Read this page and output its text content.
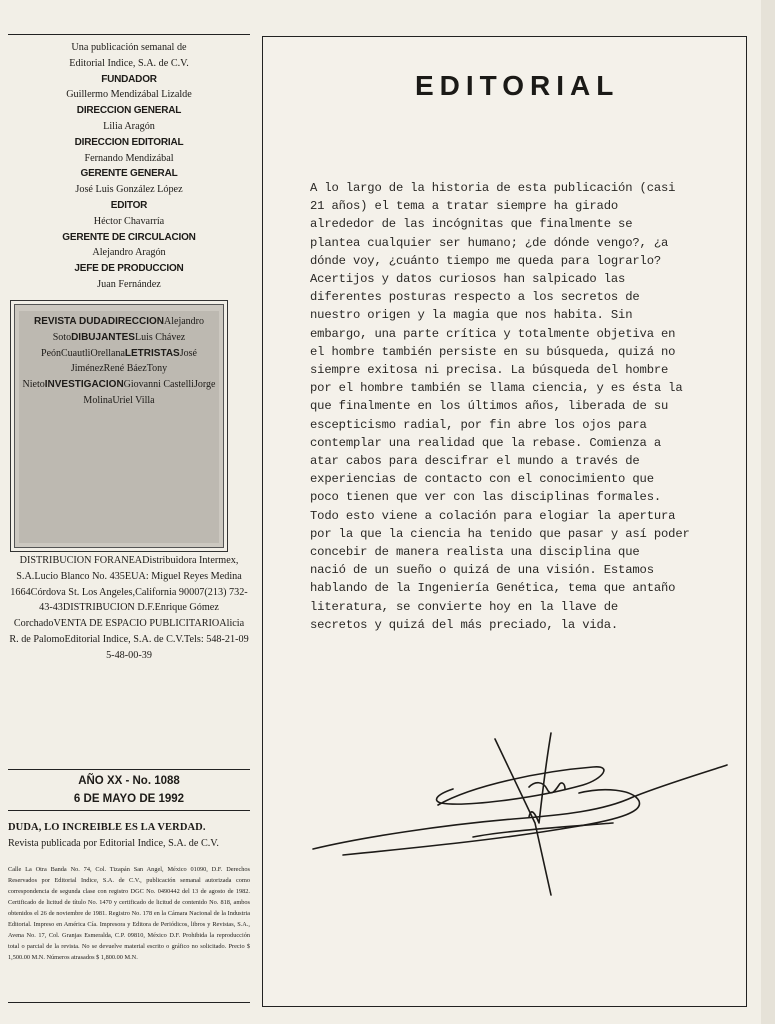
Una publicación semanal de
Editorial Indice, S.A. de C.V.
FUNDADOR
Guillermo Mendizábal Lizalde
DIRECCION GENERAL
Lilia Aragón
DIRECCION EDITORIAL
Fernando Mendizábal
GERENTE GENERAL
José Luis González López
EDITOR
Héctor Chavarría
GERENTE DE CIRCULACION
Alejandro Aragón
JEFE DE PRODUCCION
Juan Fernández
REVISTA DUDADIRECCIONAlejandro SotoDIBUJANTESLuis Chávez PeónCuautliOrellanaLETRISTASJosé JiménezRené BáezTony NietoINVESTIGACIONGiovanni CastelliJorge MolinaUriel Villa
DISTRIBUCION FORANEADistribuidora Intermex, S.A.Lucio Blanco No. 435EUA: Miguel Reyes Medina 1664Córdova St. Los Angeles,California 90007(213) 732-43-43DISTRIBUCION D.F.Enrique Gómez CorchadoVENTA DE ESPACIO PUBLICITARIOAlicia R. de PalomoEditorial Indice, S.A. de C.V.Tels: 548-21-09 5-48-00-39
AÑO XX - No. 1088
6 DE MAYO DE 1992
DUDA, LO INCREIBLE ES LA VERDAD.
Revista publicada por Editorial Indice, S.A. de C.V.
Calle La Otra Banda No. 74, Col. Tizapán San Angel, México 01090, D.F. Derechos Reservados por Editorial Indice, S.A. de C.V., publicación semanal autorizada como correspondencia de segunda clase con registro DGC No. 0490442 del 13 de agosto de 1982. Certificado de licitud de título No. 1470 y certificado de licitud de contenido No. 818, ambos obtenidos el 26 de noviembre de 1981. Registro No. 178 en la Cámara Nacional de la Industria Editorial. Impreso en América Cía. Impresora y Editora de Periódicos, libros y Revistas, S.A., Avena No. 17, Col. Granjas Esmeralda, C.P. 09810, México D.F. Prohibida la reproducción total o parcial de la revista. No se devuelve material escrito o gráfico no solicitado. Precio $ 1,500.00 M.N. Números atrasados $ 1,800.00 M.N.
EDITORIAL
A lo largo de la historia de esta publicación (casi
21 años) el tema a tratar siempre ha girado
alrededor de las incógnitas que finalmente se
plantea cualquier ser humano; ¿de dónde vengo?, ¿a
dónde voy, ¿cuánto tiempo me queda para lograrlo?
Acertijos y datos curiosos han salpicado las
diferentes posturas respecto a los secretos de
nuestro origen y la magia que nos habita. Sin
embargo, una parte crítica y totalmente objetiva en
el hombre también persiste en su búsqueda, quizá no
siempre exitosa ni precisa. La búsqueda del hombre
por el hombre también se llama ciencia, y es ésta la
que finalmente en los últimos años, liberada de su
escepticismo radial, por fin abre los ojos para
contemplar una realidad que la rebase. Comienza a
atar cabos para descifrar el mundo a través de
experiencias de contacto con el conocimiento que
poco tienen que ver con las disciplinas formales.
Todo esto viene a colación para elogiar la apertura
por la que la ciencia ha tenido que pasar y así poder
concebir de manera realista una disciplina que
nació de un sueño o quizá de una visión. Estamos
hablando de la Ingeniería Genética, tema que antaño
literatura, se convierte hoy en la llave de
secretos y quizá del más preciado, la vida.
